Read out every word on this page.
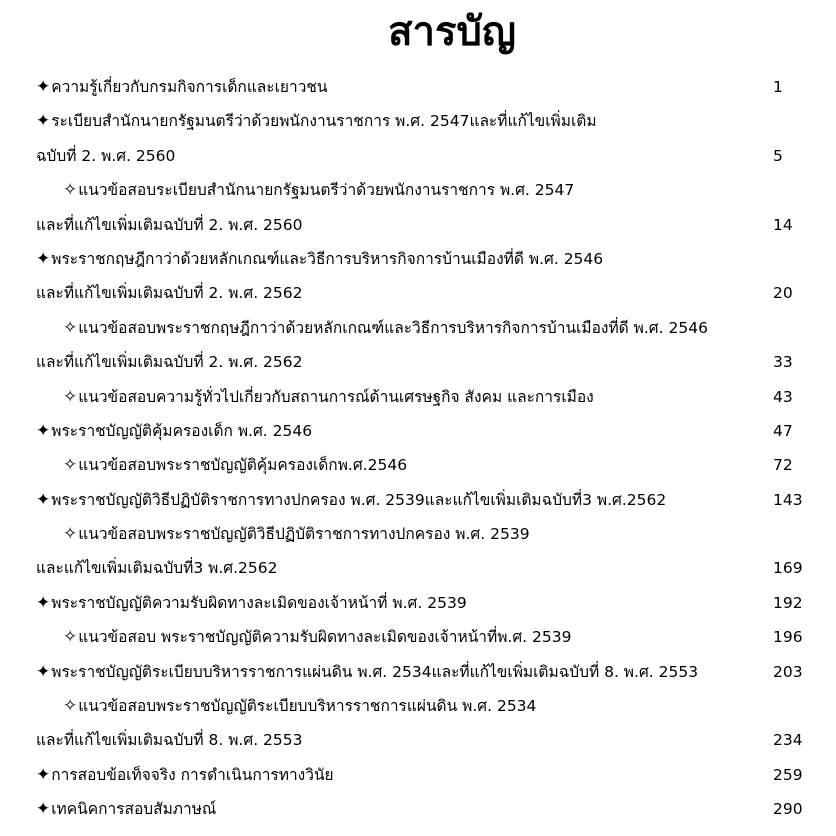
สารบัญ
✦ความรู้เกี่ยวกับกรมกิจการเด็กและเยาวชน	1
✦ระเบียบสำนักนายกรัฐมนตรีว่าด้วยพนักงานราชการ พ.ศ. 2547และที่แก้ไขเพิ่มเติม
ฉบับที่ 2. พ.ศ. 2560	5
✧แนวข้อสอบระเบียบสำนักนายกรัฐมนตรีว่าด้วยพนักงานราชการ พ.ศ. 2547
และที่แก้ไขเพิ่มเติมฉบับที่ 2. พ.ศ. 2560	14
✦พระราชกฤษฎีกาว่าด้วยหลักเกณฑ์และวิธีการบริหารกิจการบ้านเมืองที่ดี พ.ศ. 2546
และที่แก้ไขเพิ่มเติมฉบับที่ 2. พ.ศ. 2562	20
✧แนวข้อสอบพระราชกฤษฎีกาว่าด้วยหลักเกณฑ์และวิธีการบริหารกิจการบ้านเมืองที่ดี พ.ศ. 2546
และที่แก้ไขเพิ่มเติมฉบับที่ 2. พ.ศ. 2562	33
✧แนวข้อสอบความรู้ทั่วไปเกี่ยวกับสถานการณ์ด้านเศรษฐกิจ สังคม และการเมือง	43
✦พระราชบัญญัติคุ้มครองเด็ก พ.ศ. 2546	47
✧แนวข้อสอบพระราชบัญญัติคุ้มครองเด็กพ.ศ.2546	72
✦พระราชบัญญัติวิธีปฏิบัติราชการทางปกครอง พ.ศ. 2539และแก้ไขเพิ่มเติมฉบับที่3 พ.ศ.2562	143
✧แนวข้อสอบพระราชบัญญัติวิธีปฏิบัติราชการทางปกครอง พ.ศ. 2539
และแก้ไขเพิ่มเติมฉบับที่3 พ.ศ.2562	169
✦พระราชบัญญัติความรับผิดทางละเมิดของเจ้าหน้าที่ พ.ศ. 2539	192
✧แนวข้อสอบ พระราชบัญญัติความรับผิดทางละเมิดของเจ้าหน้าที่พ.ศ. 2539	196
✦พระราชบัญญัติระเบียบบริหารราชการแผ่นดิน พ.ศ. 2534และที่แก้ไขเพิ่มเติมฉบับที่ 8. พ.ศ. 2553	203
✧แนวข้อสอบพระราชบัญญัติระเบียบบริหารราชการแผ่นดิน พ.ศ. 2534
และที่แก้ไขเพิ่มเติมฉบับที่ 8. พ.ศ. 2553	234
✦การสอบข้อเท็จจริง การดำเนินการทางวินัย	259
✦เทคนิคการสอบสัมภาษณ์	290
